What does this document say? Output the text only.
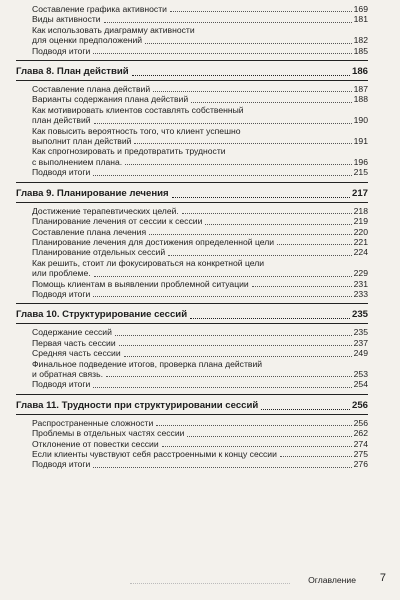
Составление графика активности	169
Виды активности	181
Как использовать диаграмму активности
для оценки предположений	182
Подводя итоги	185
Глава 8. План действий	186
Составление плана действий	187
Варианты содержания плана действий	188
Как мотивировать клиентов составлять собственный
план действий	190
Как повысить вероятность того, что клиент успешно
выполнит план действий	191
Как спрогнозировать и предотвратить трудности
с выполнением плана.	196
Подводя итоги	215
Глава 9. Планирование лечения	217
Достижение терапевтических целей.	218
Планирование лечения от сессии к сессии	219
Составление плана лечения	220
Планирование лечения для достижения определенной цели	221
Планирование отдельных сессий	224
Как решить, стоит ли фокусироваться на конкретной цели
или проблеме.	229
Помощь клиентам в выявлении проблемной ситуации	231
Подводя итоги	233
Глава 10. Структурирование сессий	235
Содержание сессий	235
Первая часть сессии	237
Средняя часть сессии	249
Финальное подведение итогов, проверка плана действий
и обратная связь.	253
Подводя итоги	254
Глава 11. Трудности при структурировании сессий	256
Распространенные сложности	256
Проблемы в отдельных частях сессии	262
Отклонение от повестки сессии	274
Если клиенты чувствуют себя расстроенными к концу сессии	275
Подводя итоги	276
Оглавление 7
